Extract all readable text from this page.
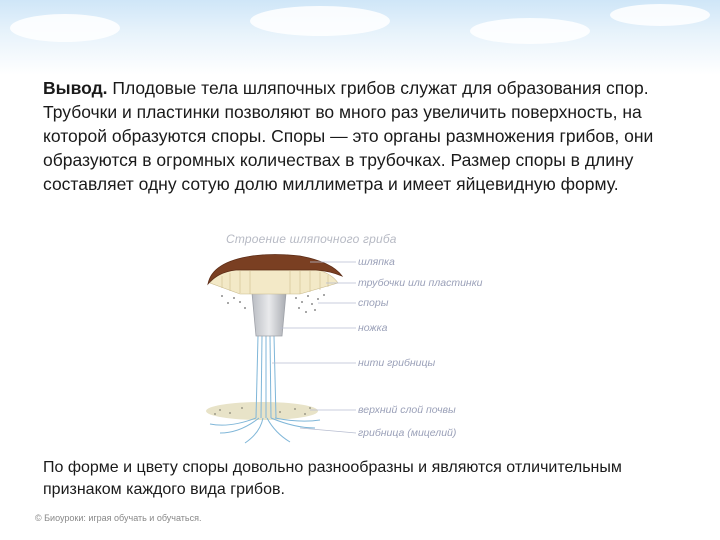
Вывод. Плодовые тела шляпочных грибов служат для образования спор. Трубочки и пластинки позволяют во много раз увеличить поверхность, на которой образуются споры. Споры — это органы размножения грибов, они образуются в огромных количествах в трубочках. Размер споры в длину составляет одну сотую долю миллиметра и имеет яйцевидную форму.

Строение шляпочного гриба
шляпка
трубочки или пластинки
споры
ножка
нити грибницы
верхний слой почвы
грибница (мицелий)

По форме и цвету споры довольно разнообразны и являются отличительным признаком каждого вида грибов.

© Биоуроки: играя обучать и обучаться.
